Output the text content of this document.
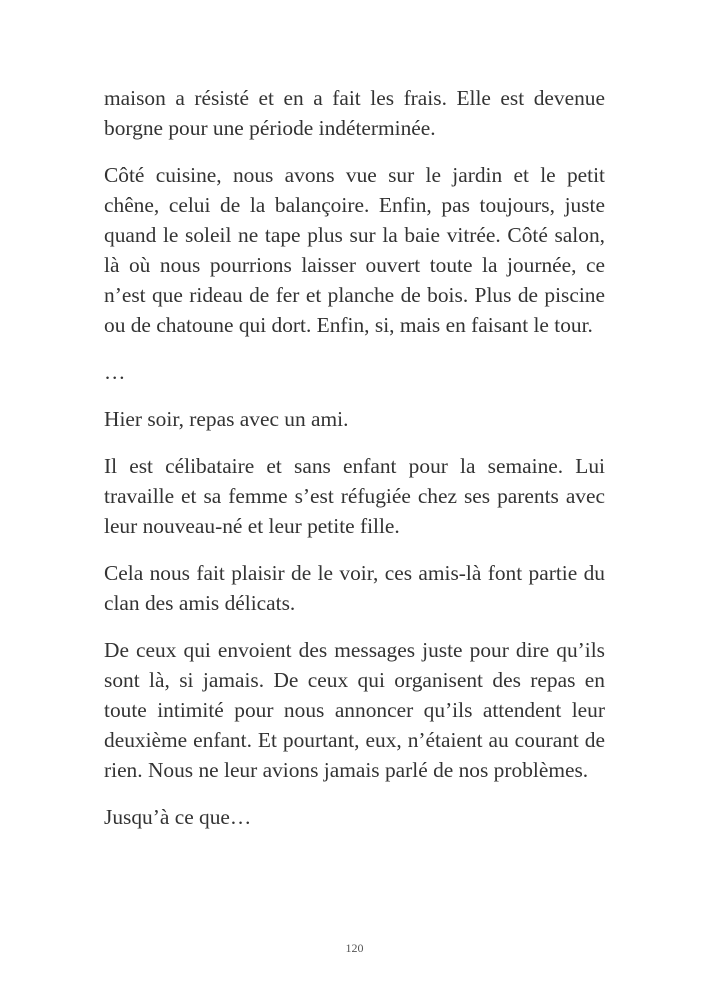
maison a résisté et en a fait les frais. Elle est devenue borgne pour une période indéterminée.

Côté cuisine, nous avons vue sur le jardin et le petit chêne, celui de la balançoire. Enfin, pas toujours, juste quand le soleil ne tape plus sur la baie vitrée. Côté salon, là où nous pourrions laisser ouvert toute la journée, ce n’est que rideau de fer et planche de bois. Plus de piscine ou de chatoune qui dort. Enfin, si, mais en faisant le tour.

…

Hier soir, repas avec un ami.

Il est célibataire et sans enfant pour la semaine. Lui travaille et sa femme s’est réfugiée chez ses parents avec leur nouveau-né et leur petite fille.

Cela nous fait plaisir de le voir, ces amis-là font partie du clan des amis délicats.

De ceux qui envoient des messages juste pour dire qu’ils sont là, si jamais. De ceux qui organisent des repas en toute intimité pour nous annoncer qu’ils attendent leur deuxième enfant. Et pourtant, eux, n’étaient au courant de rien. Nous ne leur avions jamais parlé de nos problèmes.

Jusqu’à ce que…

120
